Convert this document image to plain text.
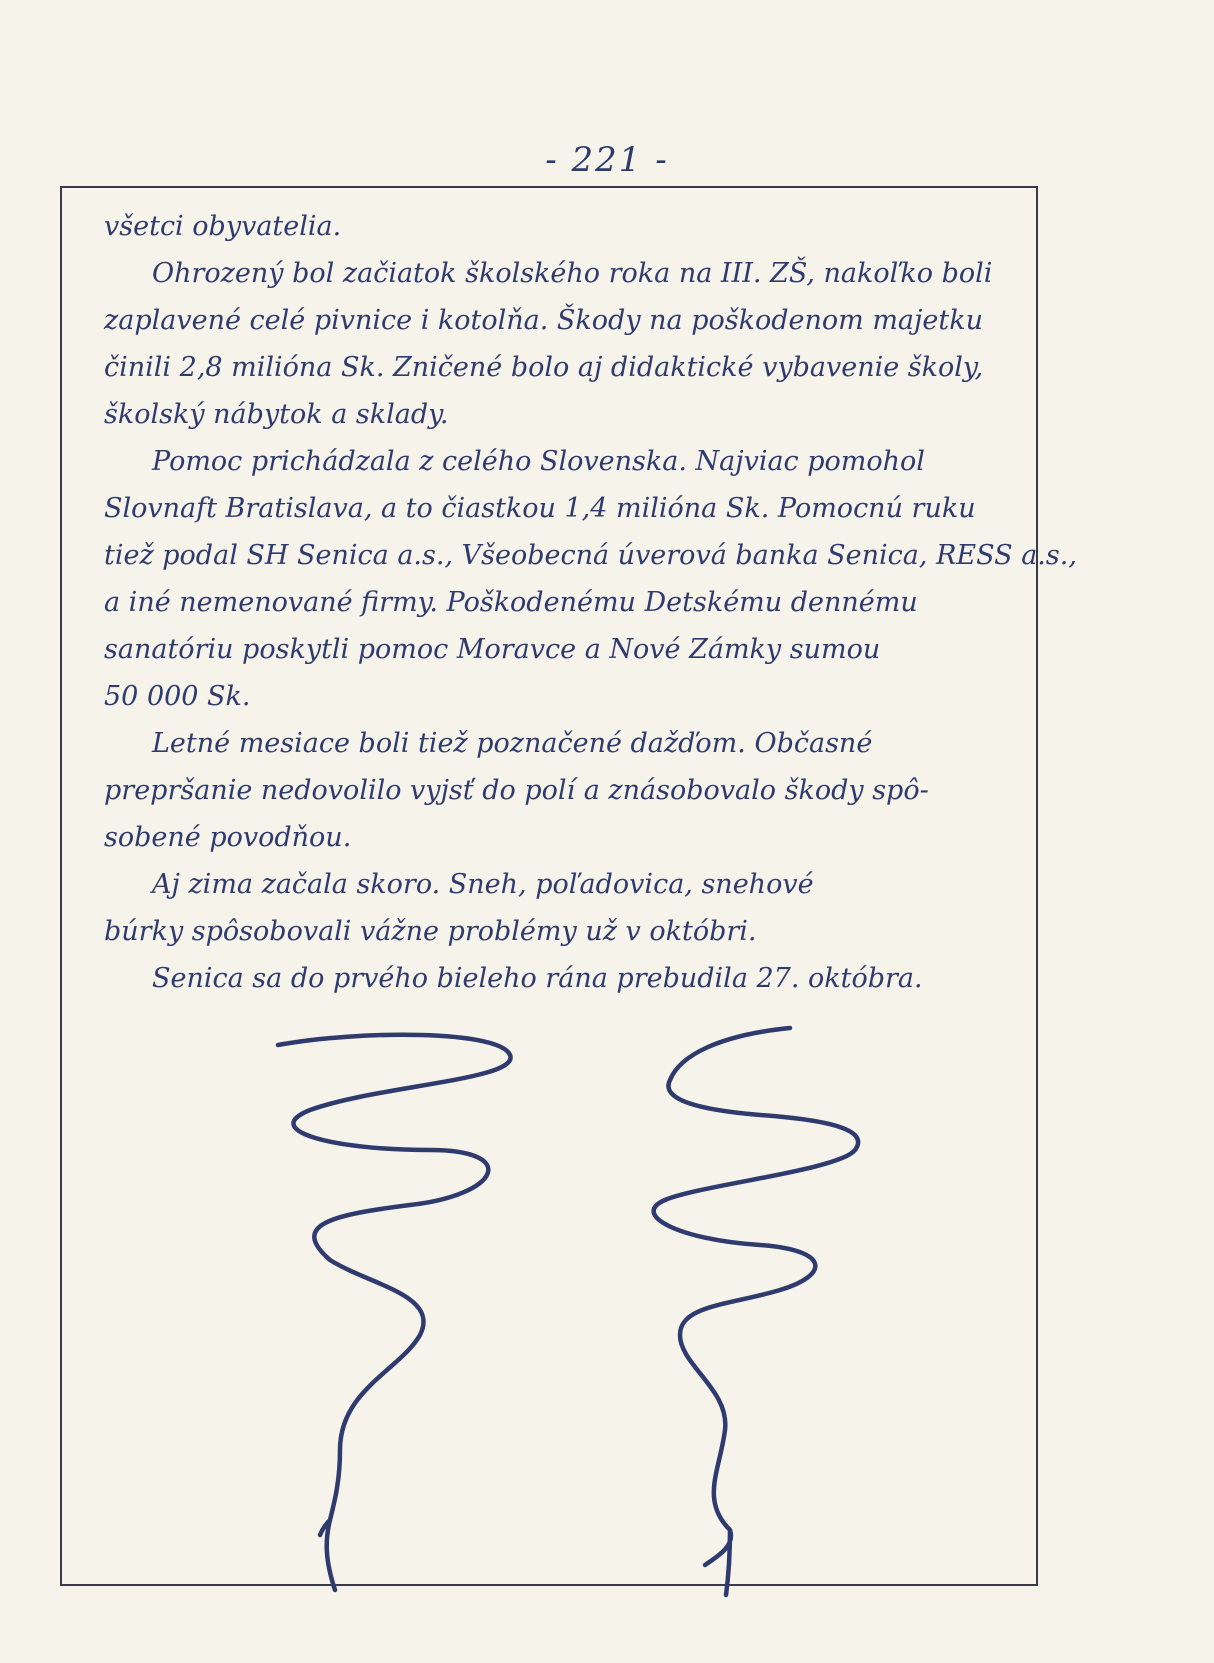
- 221 -
všetci obyvatelia.
Ohrozený bol začiatok školského roka na III. ZŠ, nakoľko boli
zaplavené celé pivnice i kotolňa. Škody na poškodenom majetku
činili 2,8 milióna Sk. Zničené bolo aj didaktické vybavenie školy,
školský nábytok a sklady.
Pomoc prichádzala z celého Slovenska. Najviac pomohol
Slovnaft Bratislava, a to čiastkou 1,4 milióna Sk. Pomocnú ruku
tiež podal SH Senica a.s., Všeobecná úverová banka Senica, RESS a.s.,
a iné nemenované firmy. Poškodenému Detskému dennému
sanatóriu poskytli pomoc Moravce a Nové Zámky sumou
50 000 Sk.
Letné mesiace boli tiež poznačené dažďom. Občasné
prepršanie nedovolilo vyjsť do polí a znásobovalo škody spô-
sobené povodňou.
Aj zima začala skoro. Sneh, poľadovica, snehové
búrky spôsobovali vážne problémy už v októbri.
Senica sa do prvého bieleho rána prebudila 27. októbra.
